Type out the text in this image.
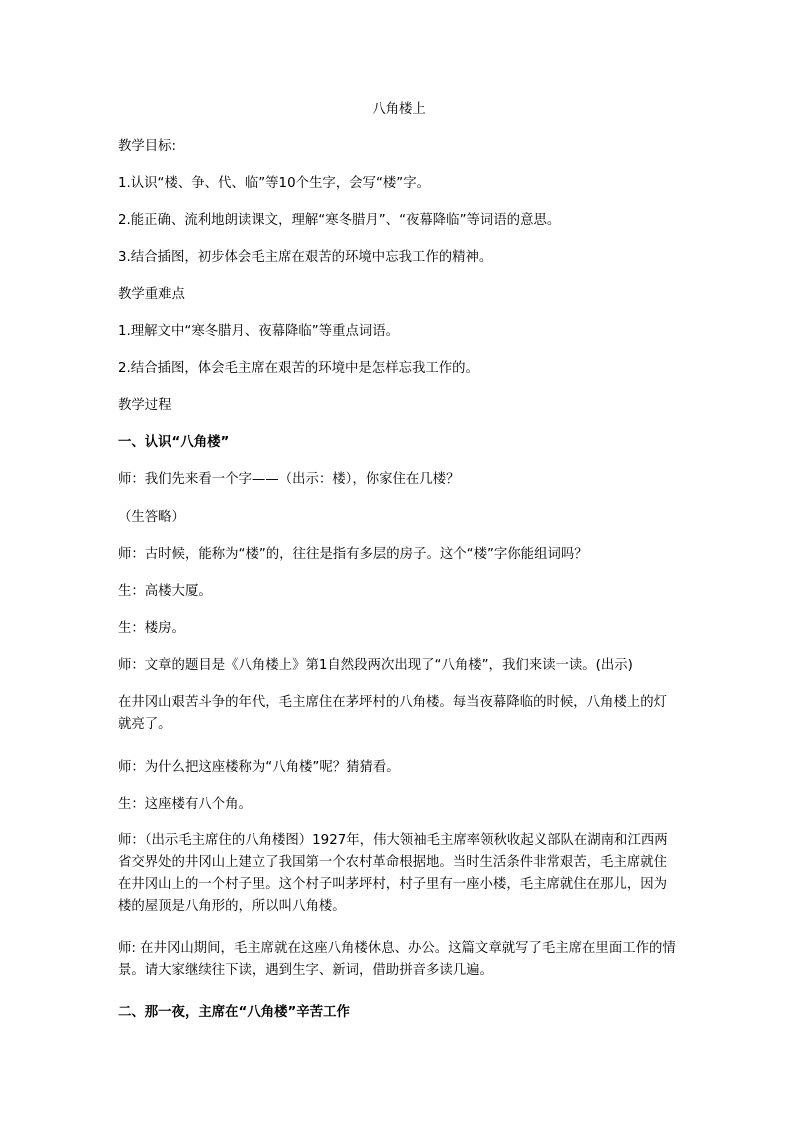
八角楼上
教学目标:
1.认识“楼、争、代、临”等10个生字，会写“楼”字。
2.能正确、流利地朗读课文，理解“寒冬腊月”、“夜幕降临”等词语的意思。
3.结合插图，初步体会毛主席在艰苦的环境中忘我工作的精神。
教学重难点
1.理解文中“寒冬腊月、夜幕降临”等重点词语。
2.结合插图，体会毛主席在艰苦的环境中是怎样忘我工作的。
教学过程
一、认识“八角楼”
师：我们先来看一个字——（出示：楼），你家住在几楼？
（生答略）
师：古时候，能称为“楼”的，往往是指有多层的房子。这个“楼”字你能组词吗？
生：高楼大厦。
生：楼房。
师：文章的题目是《八角楼上》第1自然段两次出现了“八角楼”，我们来读一读。(出示)
在井冈山艰苦斗争的年代，毛主席住在茅坪村的八角楼。每当夜幕降临的时候，八角楼上的灯就亮了。
师：为什么把这座楼称为“八角楼”呢？猜猜看。
生：这座楼有八个角。
师：（出示毛主席住的八角楼图）1927年，伟大领袖毛主席率领秋收起义部队在湖南和江西两省交界处的井冈山上建立了我国第一个农村革命根据地。当时生活条件非常艰苦，毛主席就住在井冈山上的一个村子里。这个村子叫茅坪村，村子里有一座小楼，毛主席就住在那儿，因为楼的屋顶是八角形的，所以叫八角楼。
师: 在井冈山期间，毛主席就在这座八角楼休息、办公。这篇文章就写了毛主席在里面工作的情景。请大家继续往下读，遇到生字、新词，借助拼音多读几遍。
二、那一夜，主席在“八角楼”辛苦工作
